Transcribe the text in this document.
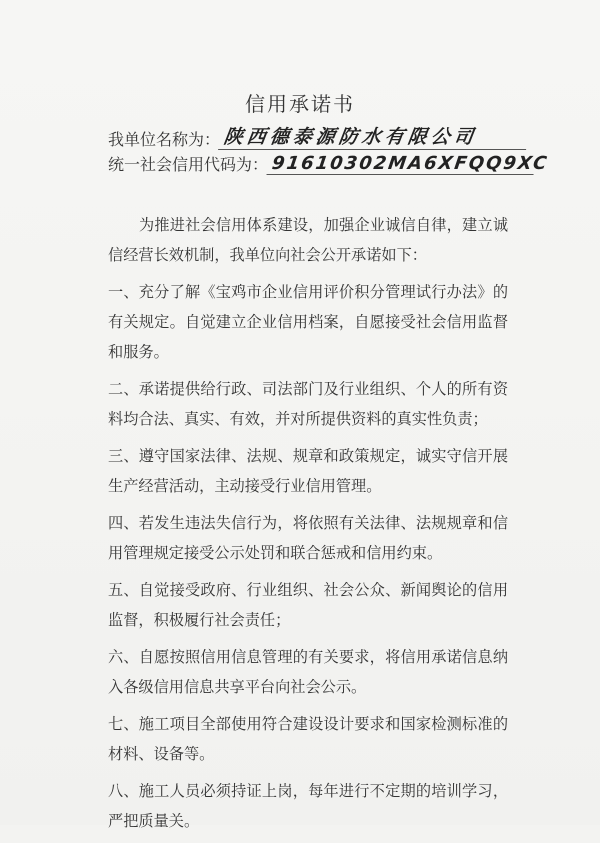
信用承诺书
我单位名称为： 陕西德泰源防水有限公司
统一社会信用代码为： 91610302MA6XFQQ9XC

为推进社会信用体系建设，加强企业诚信自律，建立诚信经营长效机制，我单位向社会公开承诺如下：

一、充分了解《宝鸡市企业信用评价积分管理试行办法》的有关规定。自觉建立企业信用档案，自愿接受社会信用监督和服务。

二、承诺提供给行政、司法部门及行业组织、个人的所有资料均合法、真实、有效，并对所提供资料的真实性负责；

三、遵守国家法律、法规、规章和政策规定，诚实守信开展生产经营活动，主动接受行业信用管理。

四、若发生违法失信行为，将依照有关法律、法规规章和信用管理规定接受公示处罚和联合惩戒和信用约束。

五、自觉接受政府、行业组织、社会公众、新闻舆论的信用监督，积极履行社会责任；

六、自愿按照信用信息管理的有关要求，将信用承诺信息纳入各级信用信息共享平台向社会公示。

七、施工项目全部使用符合建设设计要求和国家检测标准的材料、设备等。

八、施工人员必须持证上岗，每年进行不定期的培训学习，严把质量关。
